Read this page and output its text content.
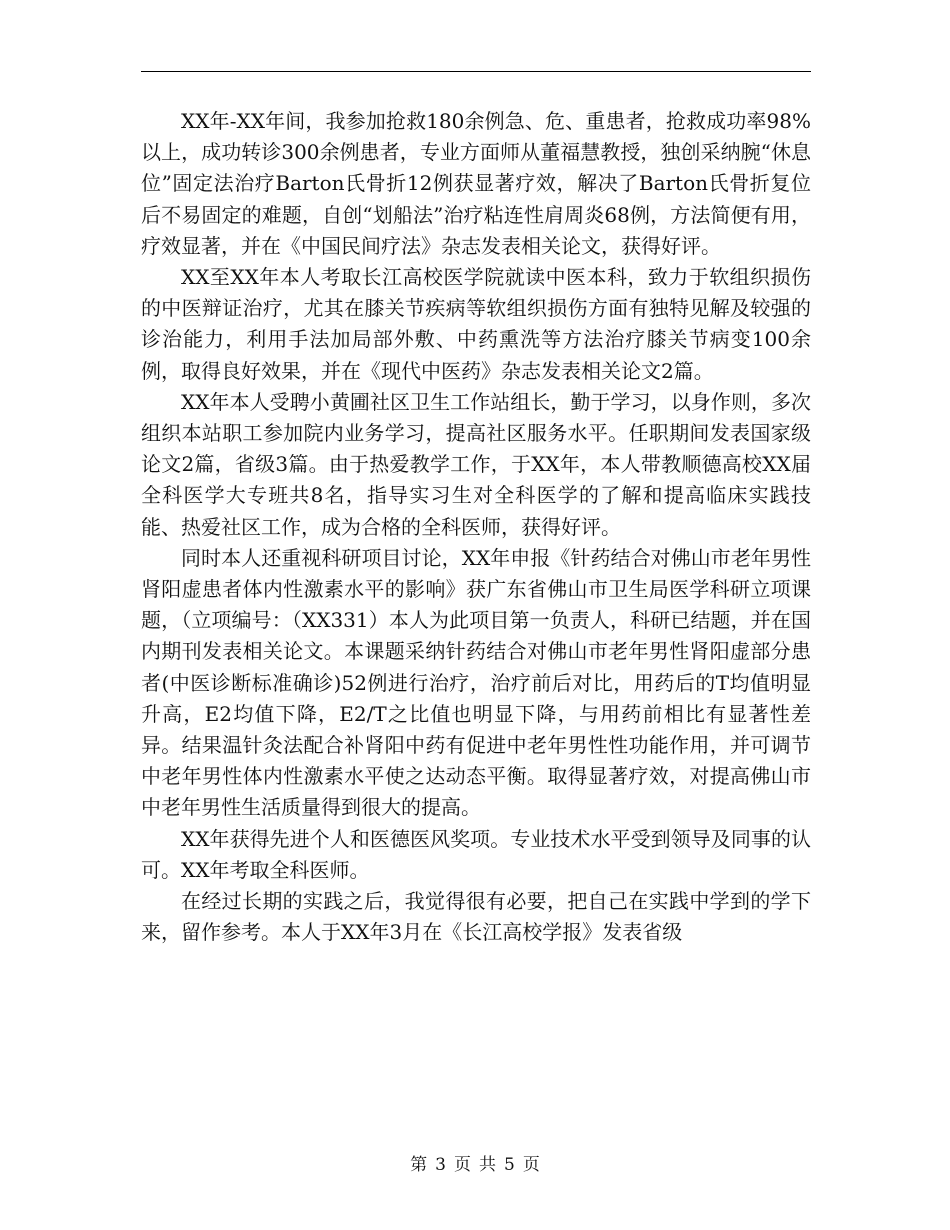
XX年-XX年间，我参加抢救180余例急、危、重患者，抢救成功率98%以上，成功转诊300余例患者，专业方面师从董福慧教授，独创采纳腕“休息位”固定法治疗Barton氏骨折12例获显著疗效，解决了Barton氏骨折复位后不易固定的难题，自创“划船法”治疗粘连性肩周炎68例，方法简便有用，疗效显著，并在《中国民间疗法》杂志发表相关论文，获得好评。

XX至XX年本人考取长江高校医学院就读中医本科，致力于软组织损伤的中医辩证治疗，尤其在膝关节疾病等软组织损伤方面有独特见解及较强的诊治能力，利用手法加局部外敷、中药熏洗等方法治疗膝关节病变100余例，取得良好效果，并在《现代中医药》杂志发表相关论文2篇。

XX年本人受聘小黄圃社区卫生工作站组长，勤于学习，以身作则，多次组织本站职工参加院内业务学习，提高社区服务水平。任职期间发表国家级论文2篇，省级3篇。由于热爱教学工作，于XX年，本人带教顺德高校XX届全科医学大专班共8名，指导实习生对全科医学的了解和提高临床实践技能、热爱社区工作，成为合格的全科医师，获得好评。

同时本人还重视科研项目讨论，XX年申报《针药结合对佛山市老年男性肾阳虚患者体内性激素水平的影响》获广东省佛山市卫生局医学科研立项课题，（立项编号：（XX331）本人为此项目第一负责人，科研已结题，并在国内期刊发表相关论文。本课题采纳针药结合对佛山市老年男性肾阳虚部分患者(中医诊断标准确诊)52例进行治疗，治疗前后对比，用药后的T均值明显升高，E2均值下降，E2/T之比值也明显下降，与用药前相比有显著性差异。结果温针灸法配合补肾阳中药有促进中老年男性性功能作用，并可调节中老年男性体内性激素水平使之达动态平衡。取得显著疗效，对提高佛山市中老年男性生活质量得到很大的提高。

XX年获得先进个人和医德医风奖项。专业技术水平受到领导及同事的认可。XX年考取全科医师。

在经过长期的实践之后，我觉得很有必要，把自己在实践中学到的学下来，留作参考。本人于XX年3月在《长江高校学报》发表省级

第 3 页 共 5 页
